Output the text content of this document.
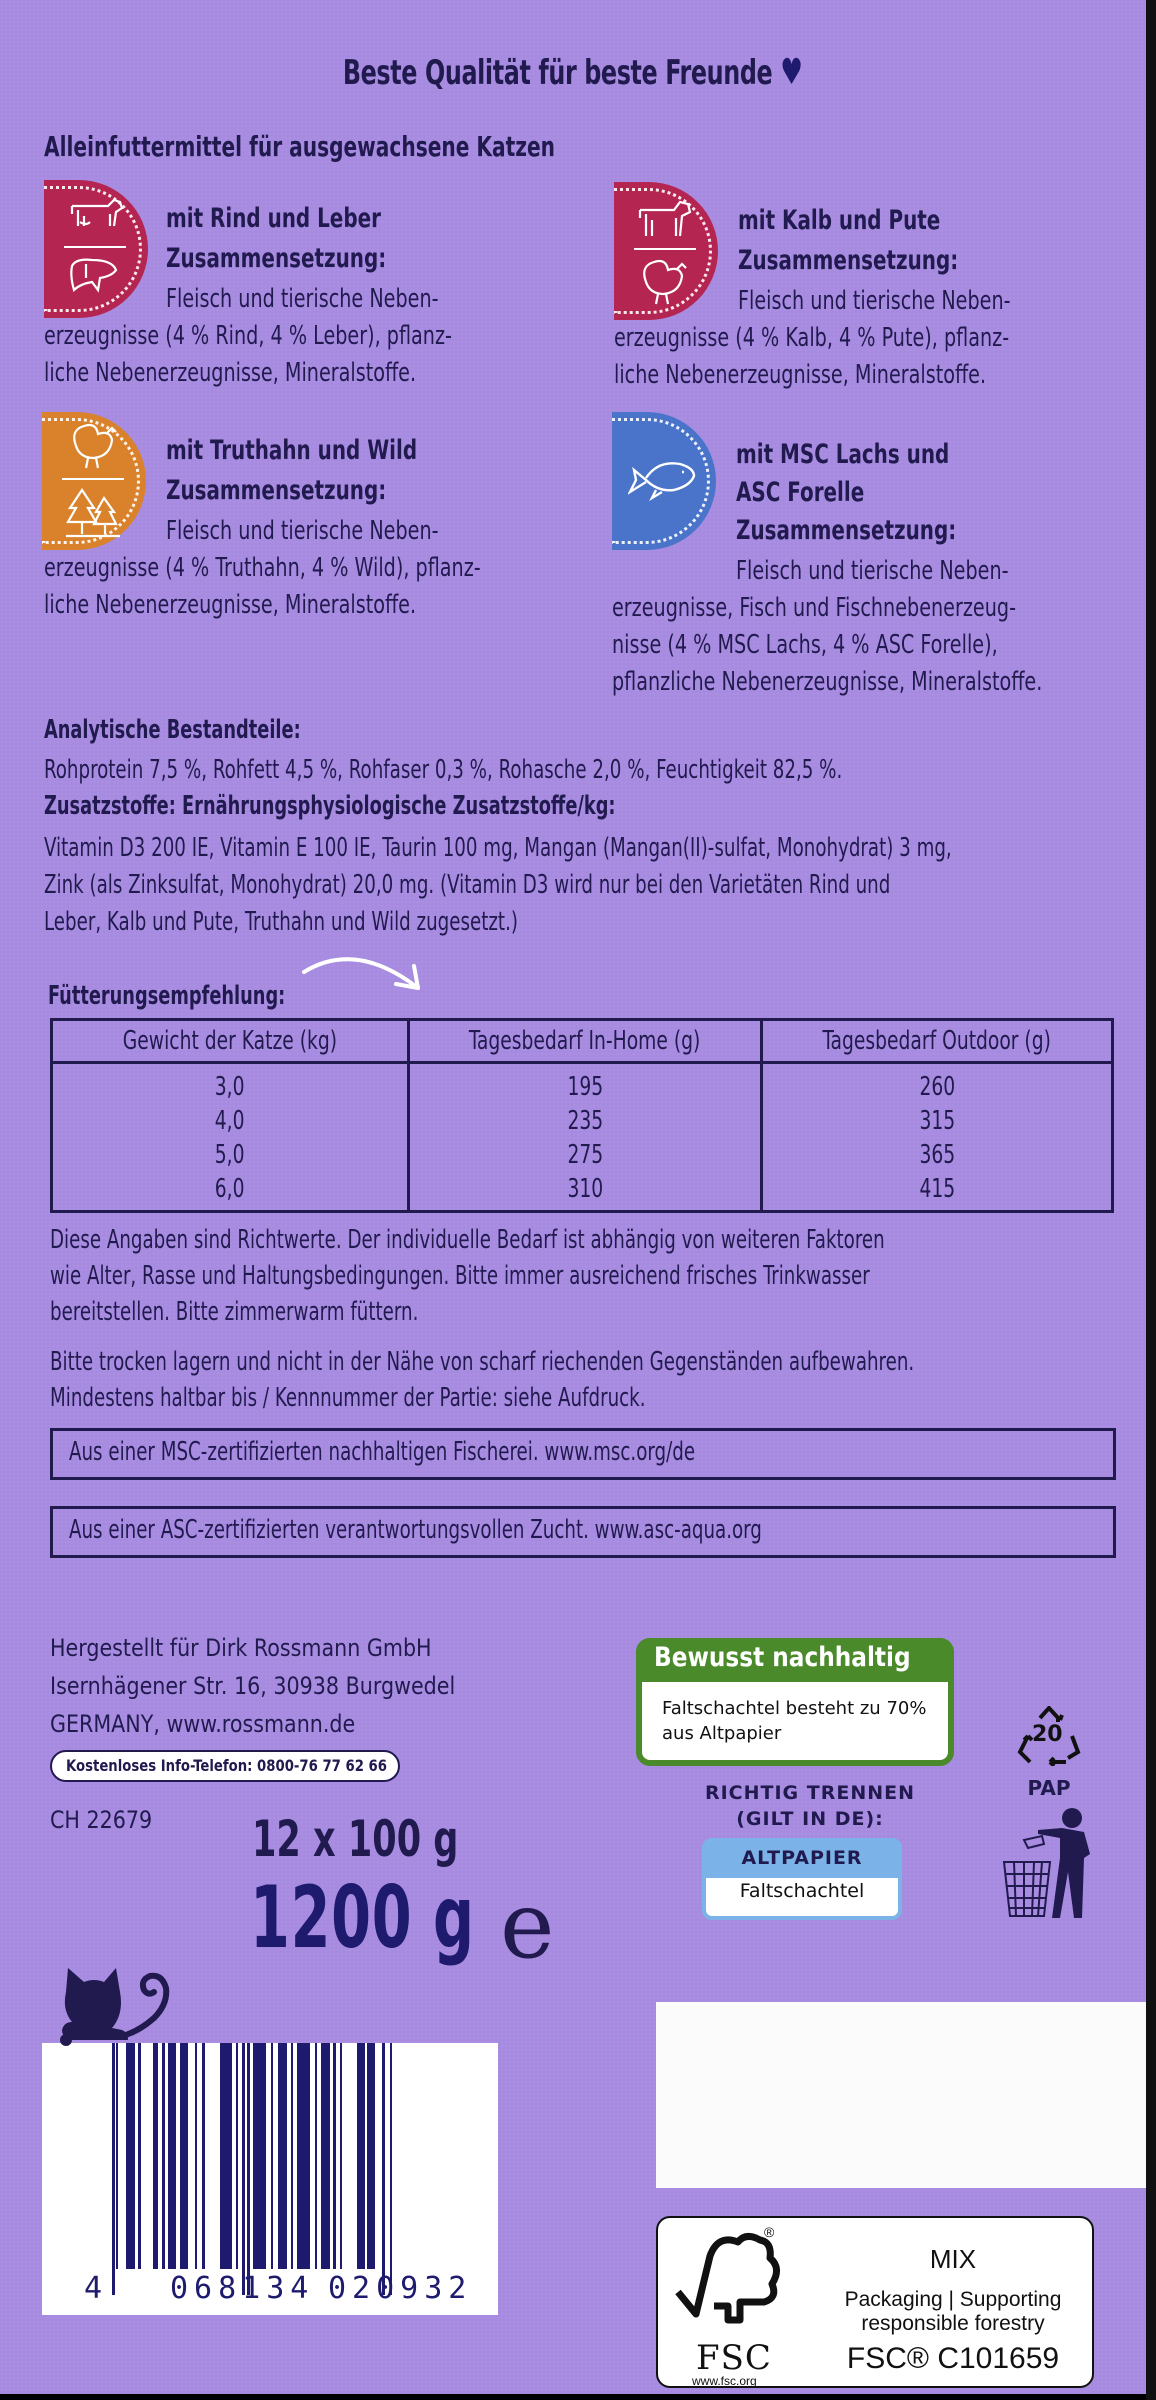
Beste Qualität für beste Freunde ♥
Alleinfuttermittel für ausgewachsene Katzen
mit Rind und Leber
Zusammensetzung:
Fleisch und tierische Neben-
erzeugnisse (4 % Rind, 4 % Leber), pflanz-
liche Nebenerzeugnisse, Mineralstoffe.
mit Kalb und Pute
Zusammensetzung:
Fleisch und tierische Neben-
erzeugnisse (4 % Kalb, 4 % Pute), pflanz-
liche Nebenerzeugnisse, Mineralstoffe.
mit Truthahn und Wild
Zusammensetzung:
Fleisch und tierische Neben-
erzeugnisse (4 % Truthahn, 4 % Wild), pflanz-
liche Nebenerzeugnisse, Mineralstoffe.
mit MSC Lachs und
ASC Forelle
Zusammensetzung:
Fleisch und tierische Neben-
erzeugnisse, Fisch und Fischnebenerzeug-
nisse (4 % MSC Lachs, 4 % ASC Forelle),
pflanzliche Nebenerzeugnisse, Mineralstoffe.
Analytische Bestandteile:
Rohprotein 7,5 %, Rohfett 4,5 %, Rohfaser 0,3 %, Rohasche 2,0 %, Feuchtigkeit 82,5 %.
Zusatzstoffe: Ernährungsphysiologische Zusatzstoffe/kg:
Vitamin D3 200 IE, Vitamin E 100 IE, Taurin 100 mg, Mangan (Mangan(II)-sulfat, Monohydrat) 3 mg,
Zink (als Zinksulfat, Monohydrat) 20,0 mg. (Vitamin D3 wird nur bei den Varietäten Rind und
Leber, Kalb und Pute, Truthahn und Wild zugesetzt.)
Fütterungsempfehlung:
Gewicht der Katze (kg)	Tagesbedarf In-Home (g)	Tagesbedarf Outdoor (g)
3,0	195	260
4,0	235	315
5,0	275	365
6,0	310	415
Diese Angaben sind Richtwerte. Der individuelle Bedarf ist abhängig von weiteren Faktoren
wie Alter, Rasse und Haltungsbedingungen. Bitte immer ausreichend frisches Trinkwasser
bereitstellen. Bitte zimmerwarm füttern.
Bitte trocken lagern und nicht in der Nähe von scharf riechenden Gegenständen aufbewahren.
Mindestens haltbar bis / Kennnummer der Partie: siehe Aufdruck.
Aus einer MSC-zertifizierten nachhaltigen Fischerei. www.msc.org/de
Aus einer ASC-zertifizierten verantwortungsvollen Zucht. www.asc-aqua.org
Hergestellt für Dirk Rossmann GmbH
Isernhägener Str. 16, 30938 Burgwedel
GERMANY, www.rossmann.de
Kostenloses Info-Telefon: 0800-76 77 62 66
CH 22679 12 x 100 g
1200 g e
Bewusst nachhaltig
Faltschachtel besteht zu 70%
aus Altpapier
RICHTIG TRENNEN
(GILT IN DE):
ALTPAPIER
Faltschachtel
20
PAP
4 068134 020932
®
FSC
www.fsc.org
MIX
Packaging | Supporting
responsible forestry
FSC® C101659
